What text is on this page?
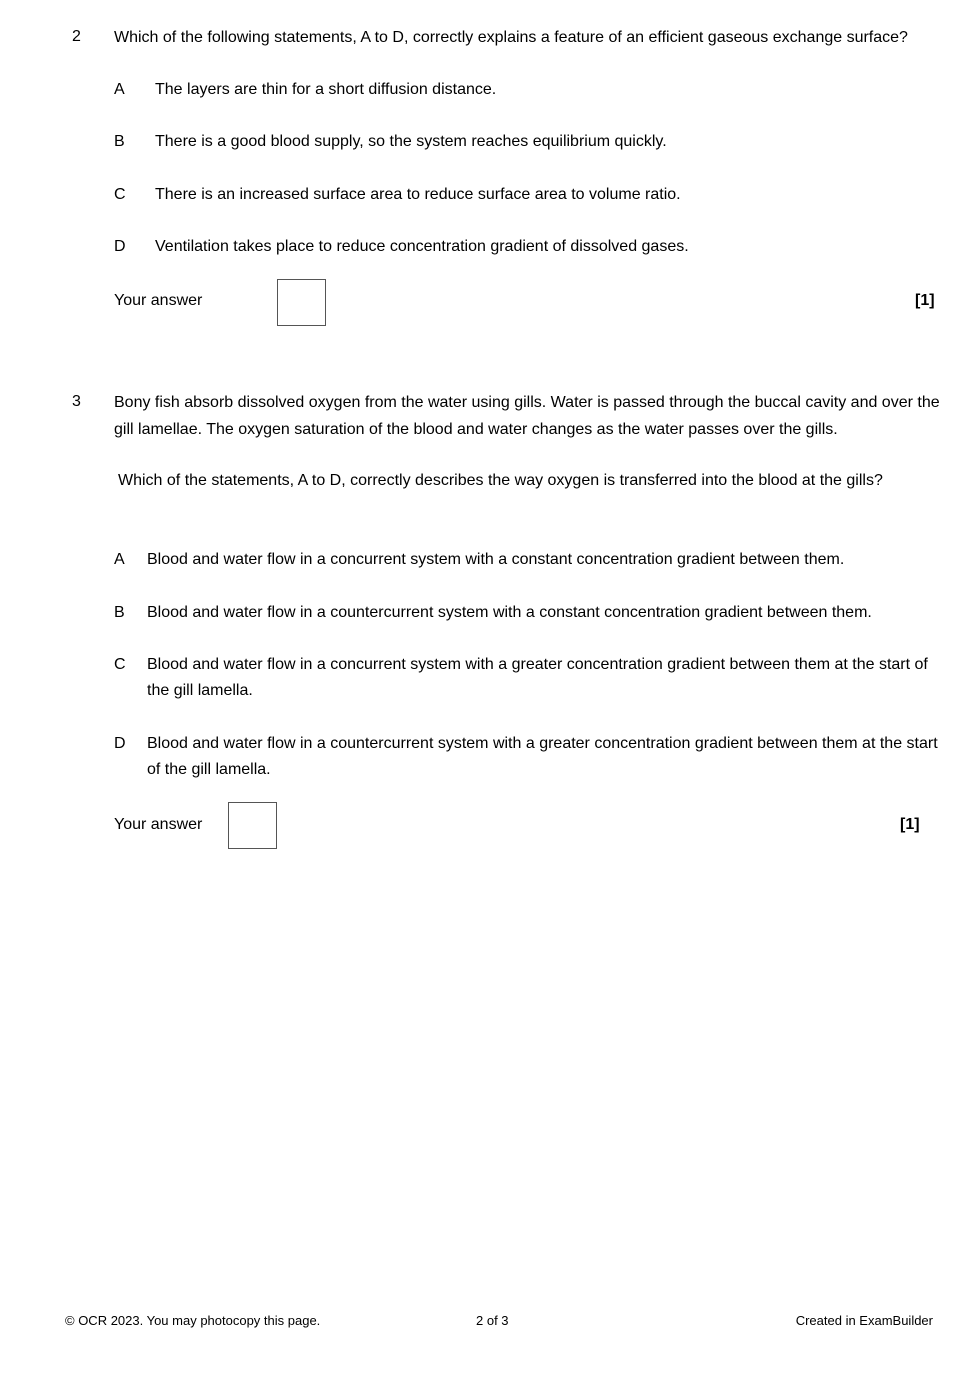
2 Which of the following statements, A to D, correctly explains a feature of an efficient gaseous exchange surface?
A The layers are thin for a short diffusion distance.
B There is a good blood supply, so the system reaches equilibrium quickly.
C There is an increased surface area to reduce surface area to volume ratio.
D Ventilation takes place to reduce concentration gradient of dissolved gases.
Your answer	[1]
3 Bony fish absorb dissolved oxygen from the water using gills. Water is passed through the buccal cavity and over the gill lamellae. The oxygen saturation of the blood and water changes as the water passes over the gills.
Which of the statements, A to D, correctly describes the way oxygen is transferred into the blood at the gills?
A Blood and water flow in a concurrent system with a constant concentration gradient between them.
B Blood and water flow in a countercurrent system with a constant concentration gradient between them.
C Blood and water flow in a concurrent system with a greater concentration gradient between them at the start of the gill lamella.
D Blood and water flow in a countercurrent system with a greater concentration gradient between them at the start of the gill lamella.
Your answer	[1]
© OCR 2023. You may photocopy this page.	2 of 3	Created in ExamBuilder
